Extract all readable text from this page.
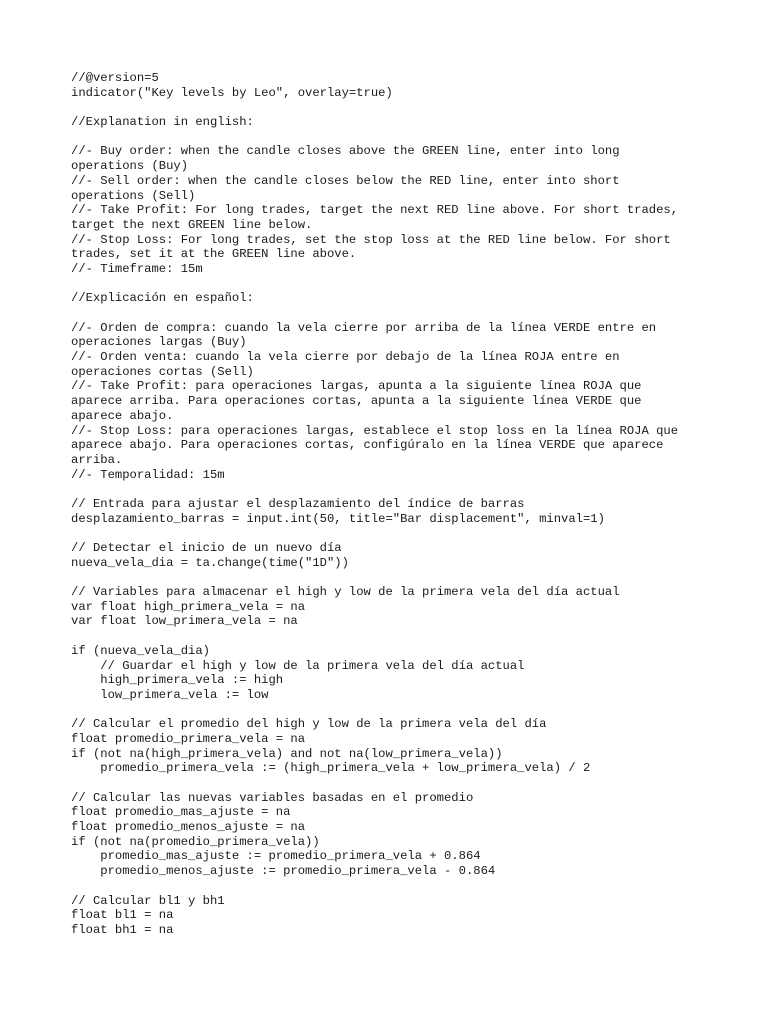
//@version=5
indicator("Key levels by Leo", overlay=true)
//Explanation in english:
//- Buy order: when the candle closes above the GREEN line, enter into long
operations (Buy)
//- Sell order: when the candle closes below the RED line, enter into short
operations (Sell)
//- Take Profit: For long trades, target the next RED line above. For short trades,
target the next GREEN line below.
//- Stop Loss: For long trades, set the stop loss at the RED line below. For short
trades, set it at the GREEN line above.
//- Timeframe: 15m
//Explicación en español:
//- Orden de compra: cuando la vela cierre por arriba de la línea VERDE entre en
operaciones largas (Buy)
//- Orden venta: cuando la vela cierre por debajo de la línea ROJA entre en
operaciones cortas (Sell)
//- Take Profit: para operaciones largas, apunta a la siguiente línea ROJA que
aparece arriba. Para operaciones cortas, apunta a la siguiente línea VERDE que
aparece abajo.
//- Stop Loss: para operaciones largas, establece el stop loss en la línea ROJA que
aparece abajo. Para operaciones cortas, configúralo en la línea VERDE que aparece
arriba.
//- Temporalidad: 15m
// Entrada para ajustar el desplazamiento del índice de barras
desplazamiento_barras = input.int(50, title="Bar displacement", minval=1)
// Detectar el inicio de un nuevo día
nueva_vela_dia = ta.change(time("1D"))
// Variables para almacenar el high y low de la primera vela del día actual
var float high_primera_vela = na
var float low_primera_vela = na
if (nueva_vela_dia)
// Guardar el high y low de la primera vela del día actual
high_primera_vela := high
low_primera_vela := low
// Calcular el promedio del high y low de la primera vela del día
float promedio_primera_vela = na
if (not na(high_primera_vela) and not na(low_primera_vela))
promedio_primera_vela := (high_primera_vela + low_primera_vela) / 2
// Calcular las nuevas variables basadas en el promedio
float promedio_mas_ajuste = na
float promedio_menos_ajuste = na
if (not na(promedio_primera_vela))
promedio_mas_ajuste := promedio_primera_vela + 0.864
promedio_menos_ajuste := promedio_primera_vela - 0.864
// Calcular bl1 y bh1
float bl1 = na
float bh1 = na
